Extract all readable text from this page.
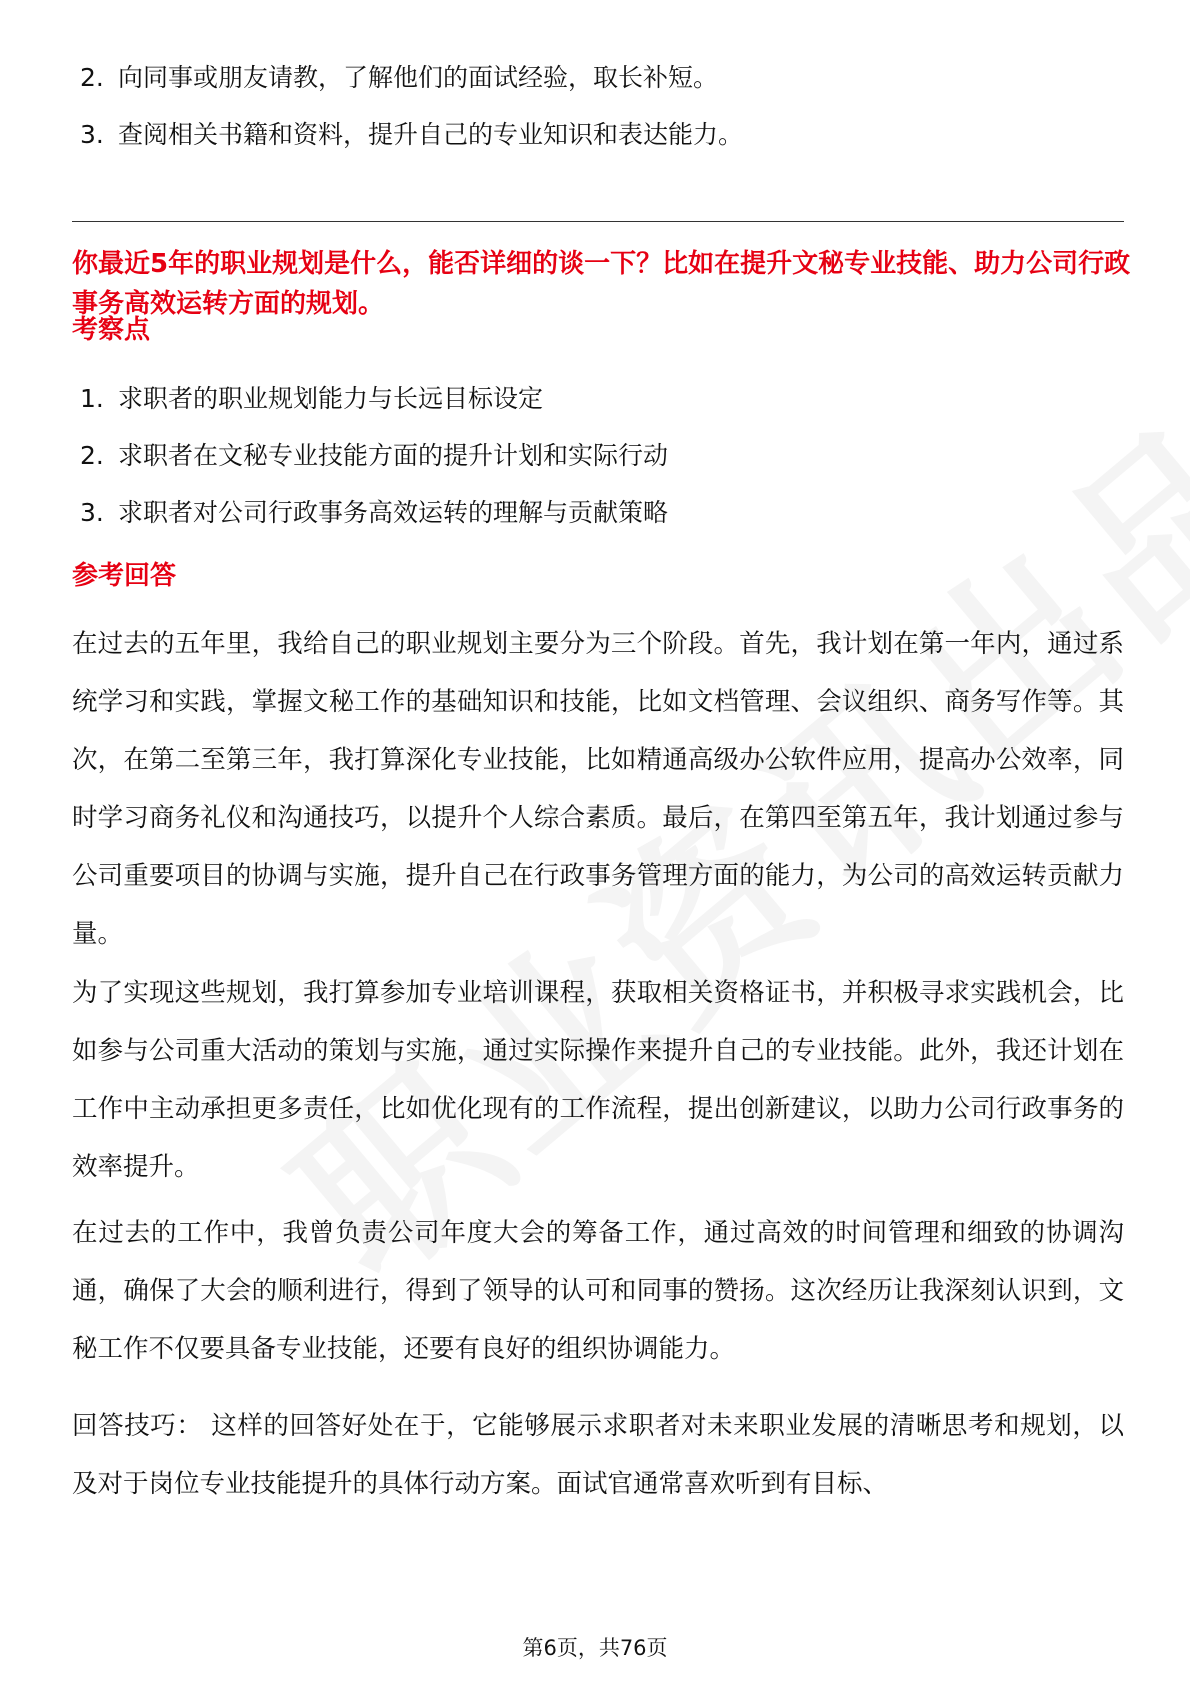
2. 向同事或朋友请教，了解他们的面试经验，取长补短。
3. 查阅相关书籍和资料，提升自己的专业知识和表达能力。

你最近5年的职业规划是什么，能否详细的谈一下？比如在提升文秘专业技能、助力公司行政事务高效运转方面的规划。

考察点

1. 求职者的职业规划能力与长远目标设定
2. 求职者在文秘专业技能方面的提升计划和实际行动
3. 求职者对公司行政事务高效运转的理解与贡献策略

参考回答

在过去的五年里，我给自己的职业规划主要分为三个阶段。首先，我计划在第一年内，通过系统学习和实践，掌握文秘工作的基础知识和技能，比如文档管理、会议组织、商务写作等。其次，在第二至第三年，我打算深化专业技能，比如精通高级办公软件应用，提高办公效率，同时学习商务礼仪和沟通技巧，以提升个人综合素质。最后，在第四至第五年，我计划通过参与公司重要项目的协调与实施，提升自己在行政事务管理方面的能力，为公司的高效运转贡献力量。

为了实现这些规划，我打算参加专业培训课程，获取相关资格证书，并积极寻求实践机会，比如参与公司重大活动的策划与实施，通过实际操作来提升自己的专业技能。此外，我还计划在工作中主动承担更多责任，比如优化现有的工作流程，提出创新建议，以助力公司行政事务的效率提升。

在过去的工作中，我曾负责公司年度大会的筹备工作，通过高效的时间管理和细致的协调沟通，确保了大会的顺利进行，得到了领导的认可和同事的赞扬。这次经历让我深刻认识到，文秘工作不仅要具备专业技能，还要有良好的组织协调能力。

回答技巧： 这样的回答好处在于，它能够展示求职者对未来职业发展的清晰思考和规划，以及对于岗位专业技能提升的具体行动方案。面试官通常喜欢听到有目标、

第6页，共76页
